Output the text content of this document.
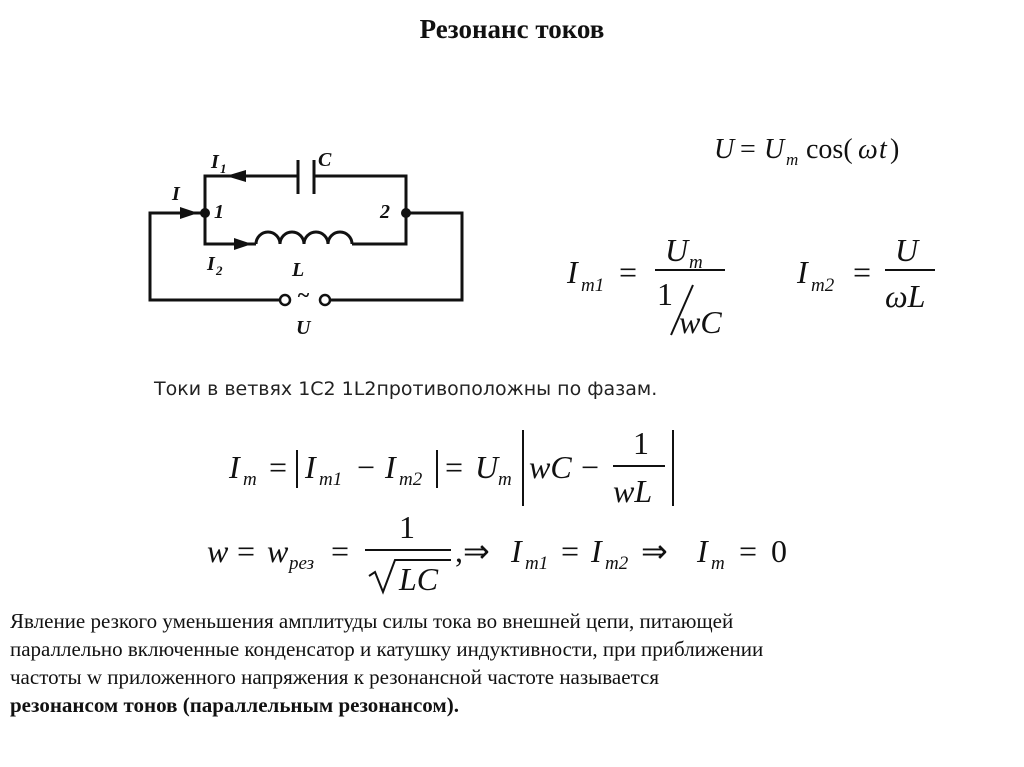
Резонанс токов
I
I 1
I 2
1	2
C
L
~
U
U = U m cos( ω t )
I m1 =
U m
1
wC
I m2 =
U
ωL
Токи в ветвях 1С2 1L2противоположны по фазам.
I m = I m1 − I m2 = U m wC −
1
wL
w = w рез =
1
LC
, ⇒ I m1 = I m2 ⇒ I m = 0
Явление резкого уменьшения амплитуды силы тока во внешней цепи, питающей
параллельно включенные конденсатор и катушку индуктивности, при приближении
частоты w приложенного напряжения к резонансной частоте называется
резонансом тонов (параллельным резонансом).
